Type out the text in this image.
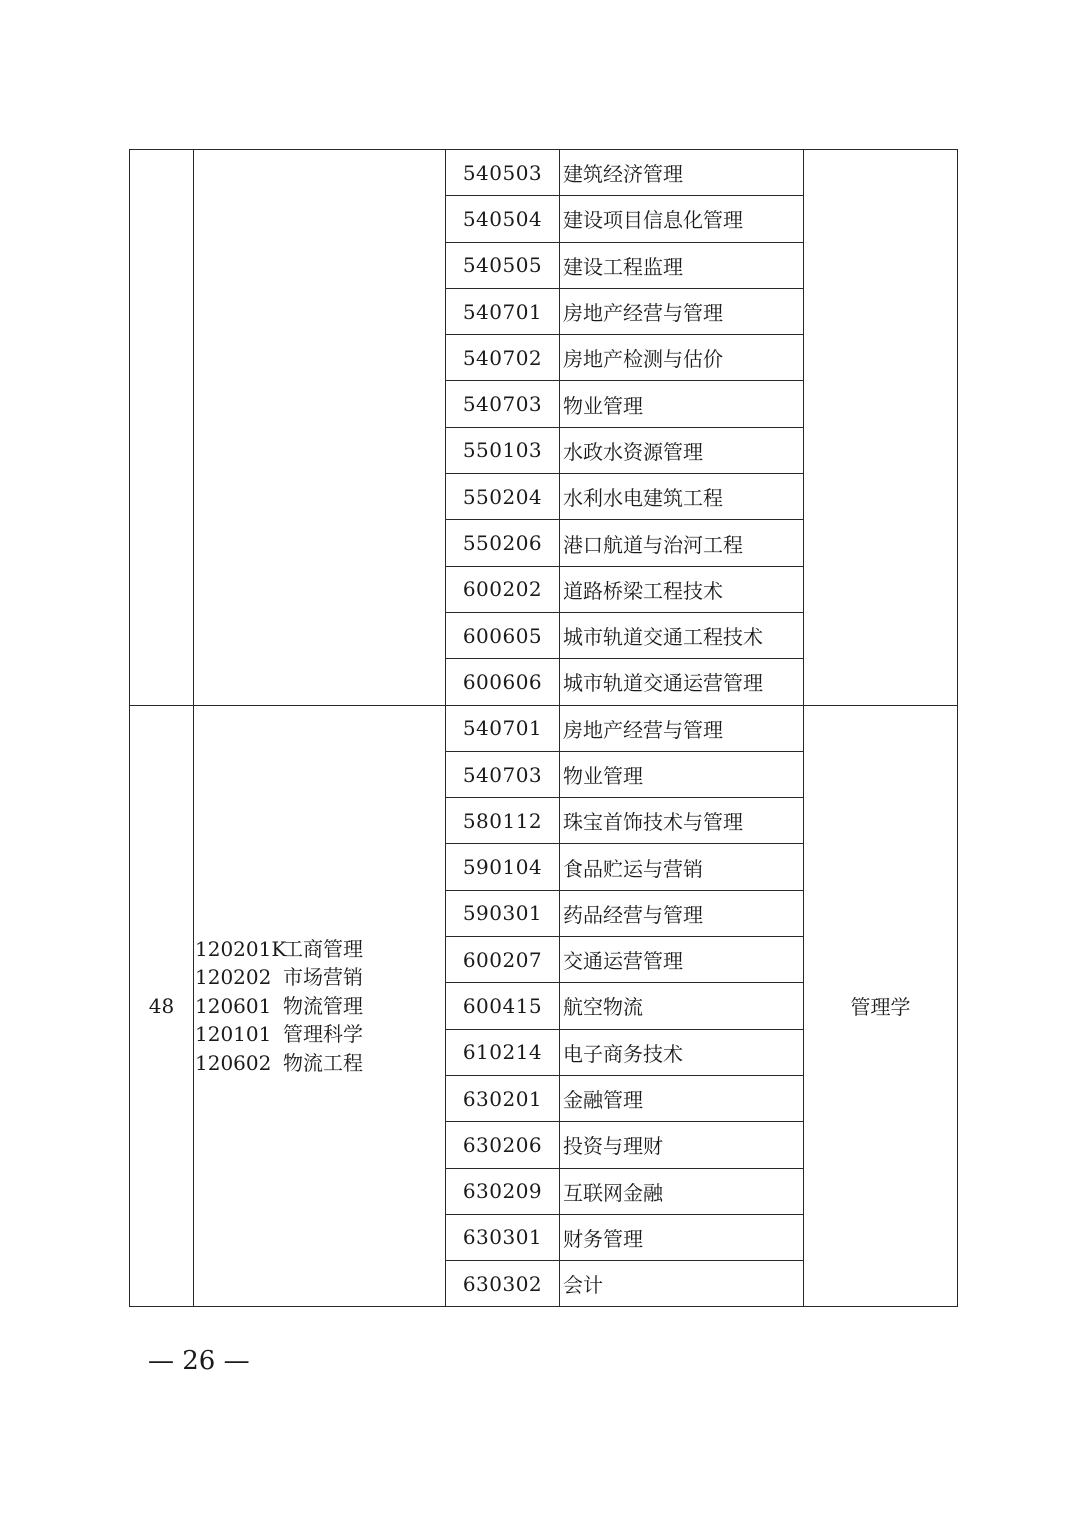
	540503	建筑经济管理	
		540504	建设项目信息化管理	
		540505	建设工程监理	
		540701	房地产经营与管理	
		540702	房地产检测与估价	
		540703	物业管理	
		550103	水政水资源管理	
		550204	水利水电建筑工程	
		550206	港口航道与治河工程	
		600202	道路桥梁工程技术	
		600605	城市轨道交通工程技术	
		600606	城市轨道交通运营管理	
48	120201K工商管理
120202 市场营销
120601 物流管理
120101 管理科学
120602 物流工程	540701	房地产经营与管理	管理学
		540703	物业管理	
		580112	珠宝首饰技术与管理	
		590104	食品贮运与营销	
		590301	药品经营与管理	
		600207	交通运营管理	
		600415	航空物流	
		610214	电子商务技术	
		630201	金融管理	
		630206	投资与理财	
		630209	互联网金融	
		630301	财务管理	
		630302	会计	
— 26 —
